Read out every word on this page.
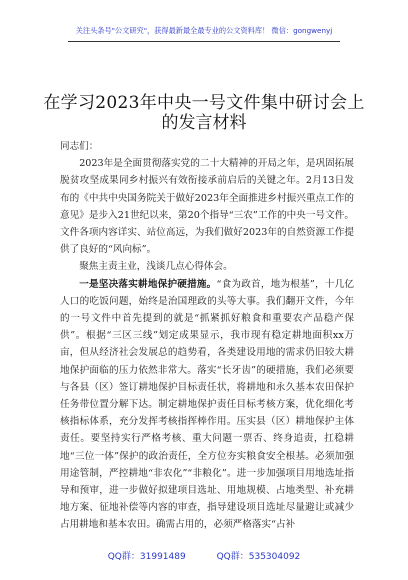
关注头条号"公文研究"，获得最新最全最专业的公文资料库！ 微信：gongwenyj
在学习2023年中央一号文件集中研讨会上
的发言材料

同志们：

2023年是全面贯彻落实党的二十大精神的开局之年，是巩固拓展脱贫攻坚成果同乡村振兴有效衔接承前启后的关键之年。2月13日发布的《中共中央国务院关于做好2023年全面推进乡村振兴重点工作的意见》是步入21世纪以来，第20个指导“三农”工作的中央一号文件。文件各项内容详实、站位高远，为我们做好2023年的自然资源工作提供了良好的“风向标”。

聚焦主责主业，浅谈几点心得体会。

一是坚决落实耕地保护硬措施。“食为政首，地为根基”，十几亿人口的吃饭问题，始终是治国理政的头等大事。我们翻开文件，今年的一号文件中首先提到的就是“抓紧抓好粮食和重要农产品稳产保供”。根据“三区三线”划定成果显示，我市现有稳定耕地面积xx万亩，但从经济社会发展总的趋势看，各类建设用地的需求仍旧较大耕地保护面临的压力依然非常大。落实“长牙齿”的硬措施，我们必须要与各县（区）签订耕地保护目标责任状，将耕地和永久基本农田保护任务带位置分解下达。制定耕地保护责任目标考核方案，优化细化考核指标体系，充分发挥考核指挥棒作用。压实县（区）耕地保护主体责任。要坚持实行严格考核、重大问题一票否、终身追责，扛稳耕地“三位一体”保护的政治责任，全方位夯实粮食安全根基。必须加强用途管制，严控耕地“非农化”“非粮化”。进一步加强项目用地选址指导和预审，进一步做好拟建项目选址、用地规模、占地类型、补充耕地方案、征地补偿等内容的审查，指导建设项目选址尽量避让或减少占用耕地和基本农田。确需占用的，必须严格落实“占补

QQ群：31991489	QQ群：535304092
